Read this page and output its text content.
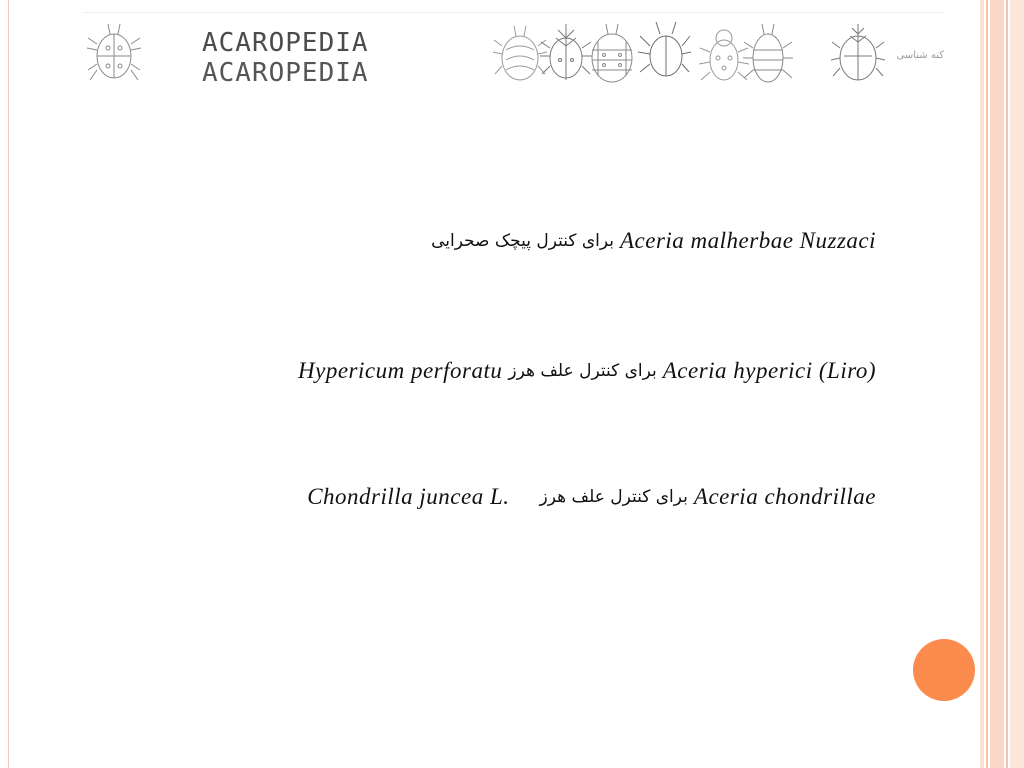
ACAROPEDIA
ACAROPEDIA
کنه شناسی
برای کنترل پیچک صحرایی Aceria malherbae Nuzzaci
Hypericum perforatu برای کنترل علف هرز Aceria hyperici (Liro)
Chondrilla juncea L. برای کنترل علف هرز Aceria chondrillae
